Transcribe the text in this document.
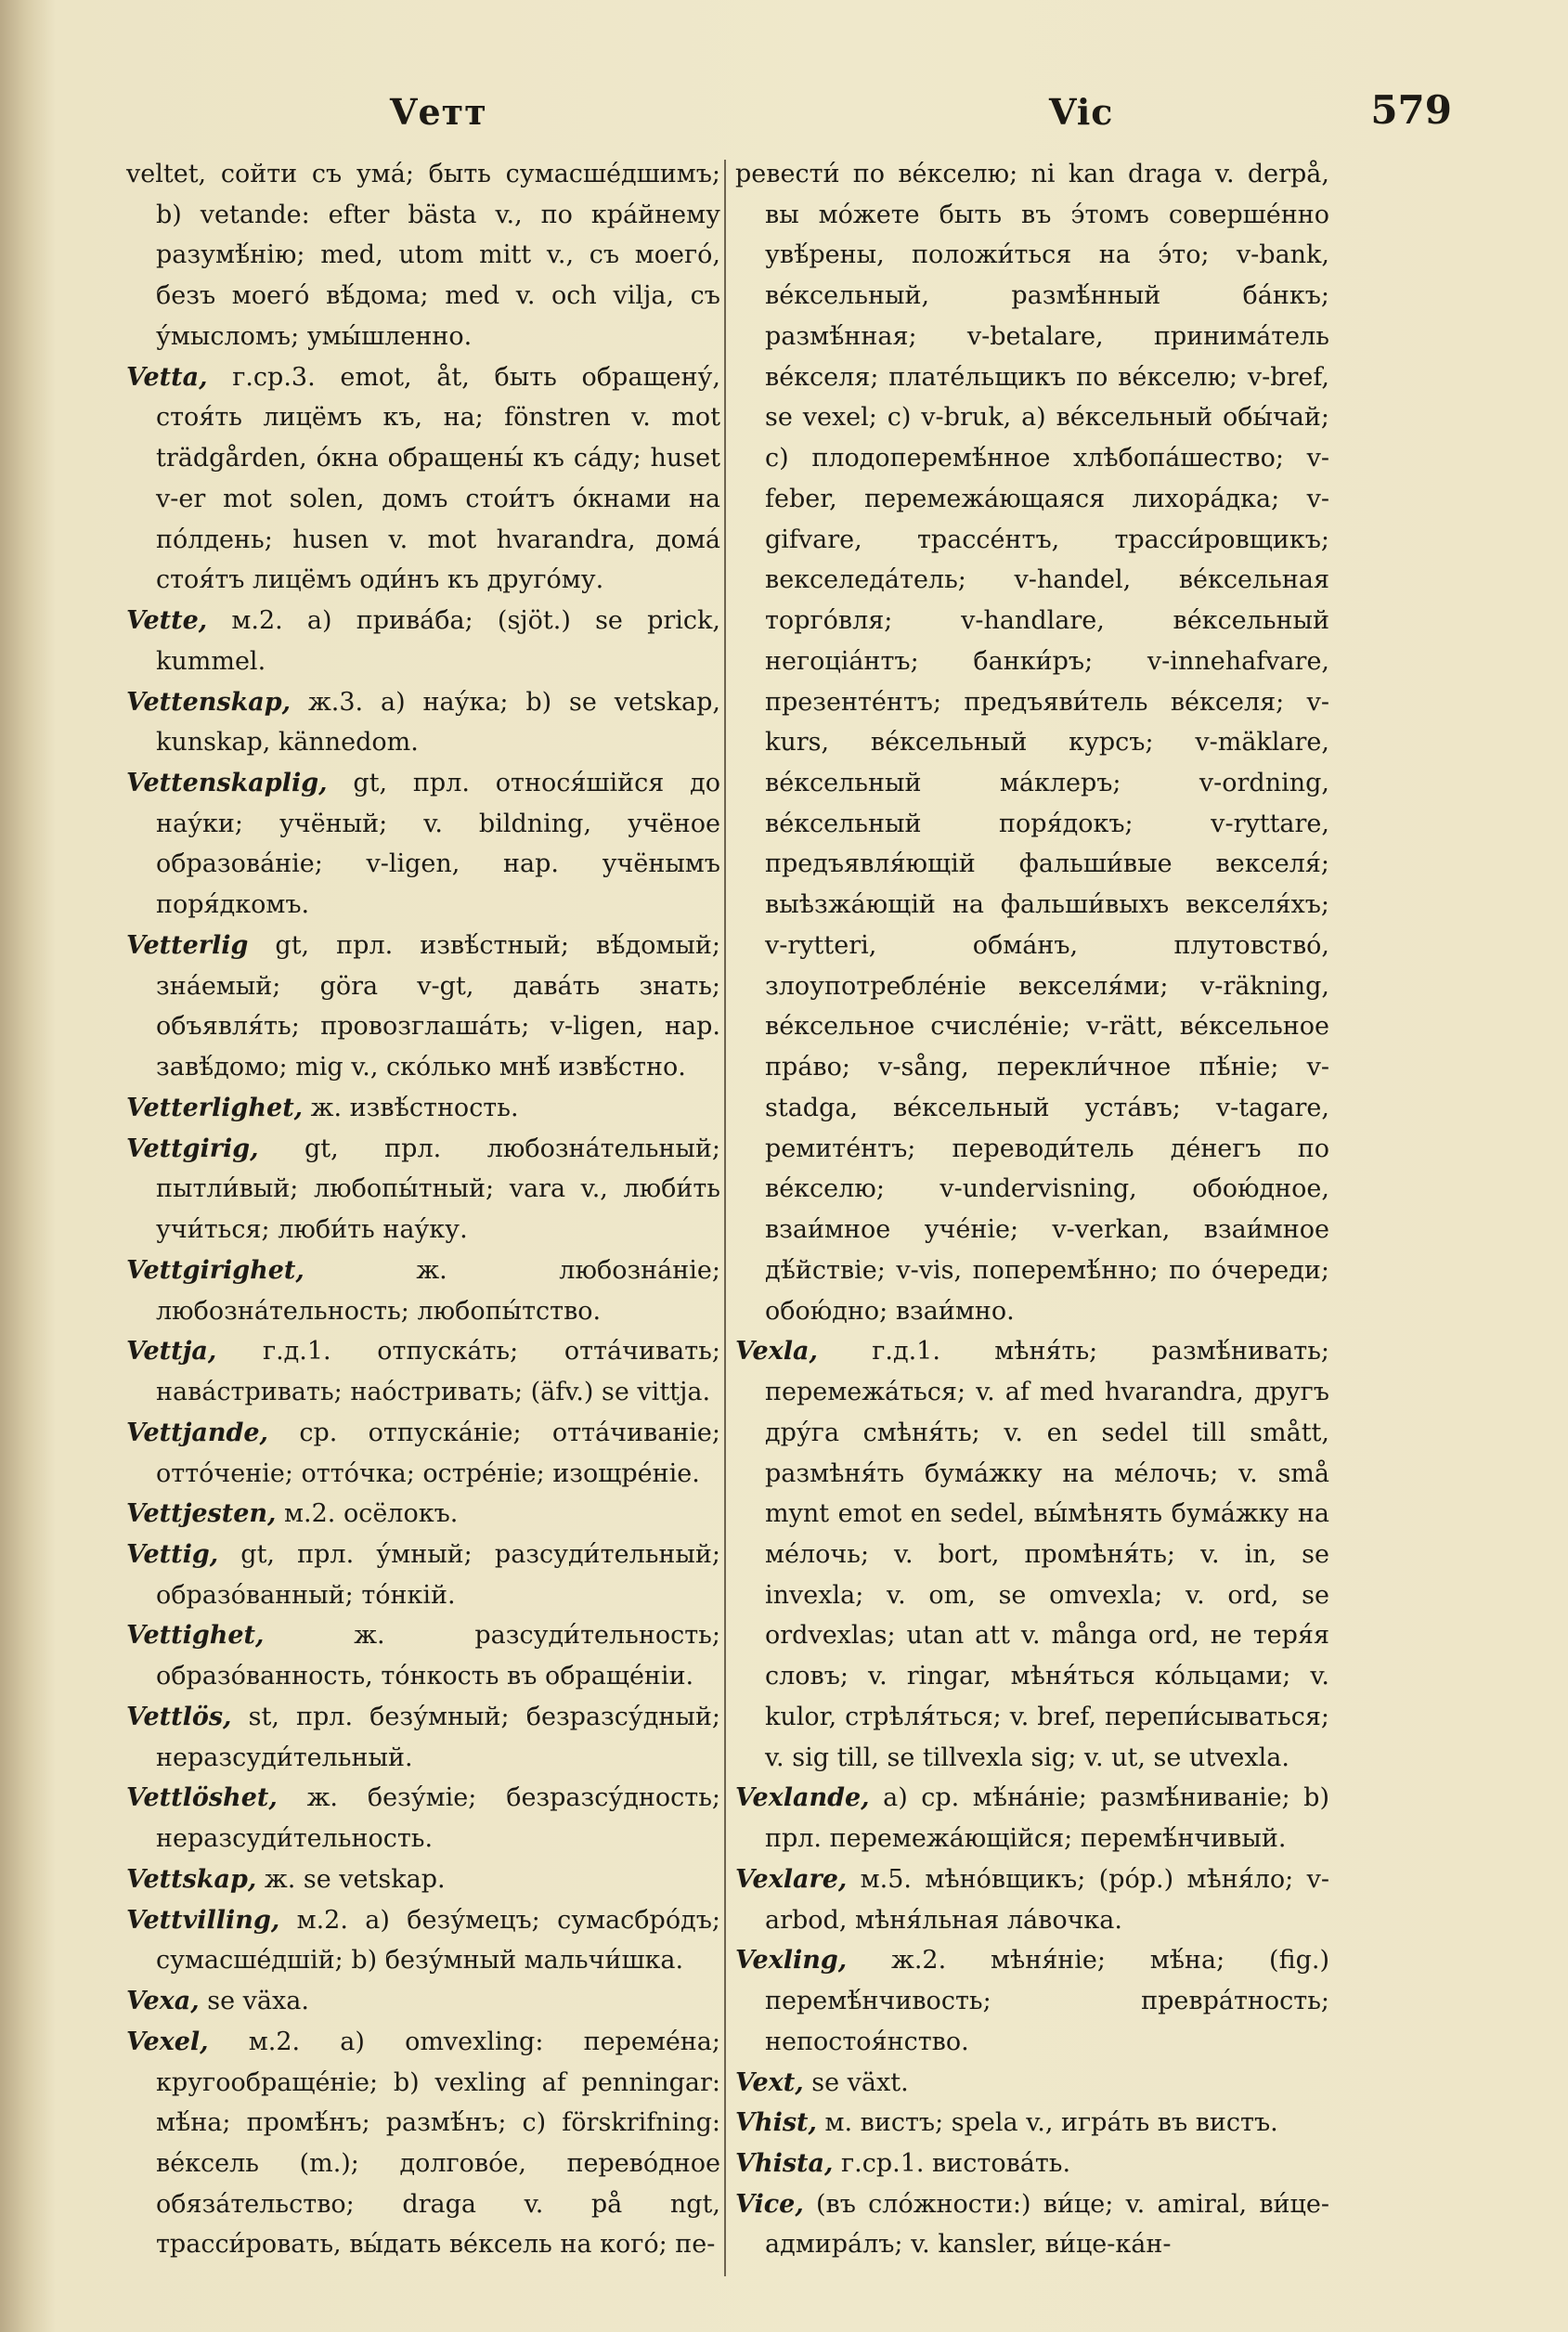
Vетт	Vic	579

veltet, сойти съ ума́; быть сумасше́дшимъ; b) vetande: efter bästa v., по кра́йнему разумѣ́нію; med, utom mitt v., съ моего́, безъ моего́ вѣ́дома; med v. och vilja, съ у́мысломъ; умы́шленно.

Vetta, г.ср.3. emot, åt, быть обращену́, стоя́ть лицёмъ къ, на; fönstren v. mot trädgården, о́кна обращены́ къ са́ду; huset v-er mot solen, домъ стои́тъ о́кнами на по́лдень; husen v. mot hvarandra, дома́ стоя́тъ лицёмъ оди́нъ къ друго́му.

Vette, м.2. a) прива́ба; (sjöt.) se prick, kummel.

Vettenskap, ж.3. a) нау́ка; b) se vetskap, kunskap, kännedom.

Vettenskaplig, gt, прл. относя́шійся до нау́ки; учёный; v. bildning, учёное образова́ніе; v-ligen, нар. учёнымъ поря́дкомъ.

Vetterlig gt, прл. извѣ́стный; вѣ́домый; зна́емый; göra v-gt, дава́ть знать; объявля́ть; провозглаша́ть; v-ligen, нар. завѣ́домо; mig v., ско́лько мнѣ́ извѣ́стно.

Vetterlighet, ж. извѣ́стность.

Vettgirig, gt, прл. любозна́тельный; пытли́вый; любопы́тный; vara v., люби́ть учи́ться; люби́ть нау́ку.

Vettgirighet,	ж. любозна́ніе; любозна́тельность; любопы́тство.

Vettja, г.д.1. отпуска́ть; отта́чивать; нава́стривать; нао́стривать; (äfv.) se vittja.

Vettjande, ср. отпуска́ніе; отта́чиваніе; отто́ченіе; отто́чка; остре́ніе; изощре́ніе.

Vettjesten, м.2. осёлокъ.

Vettig, gt, прл. у́мный; разсуди́тельный; образо́ванный; то́нкій.

Vettighet,	ж. разсуди́тельность; образо́ванность, то́нкость въ обраще́ніи.

Vettlös, st, прл. безу́мный; безразсу́дный; неразсуди́тельный.

Vettlöshet, ж. безу́міе; безразсу́дность; неразсуди́тельность.

Vettskap, ж. se vetskap.

Vettvilling, м.2. a) безу́мецъ; сумасбро́дъ; сумасше́дшій; b) безу́мный мальчи́шка.

Vexa, se växa.

Vexel, м.2. a) omvexling: переме́на; кругообраще́ніе; b) vexling af penningar: мѣ́на; промѣ́нъ; размѣ́нъ; c) förskrifning: ве́ксель (m.); долгово́е, перево́дное обяза́тельство; draga v. på ngt, трасси́ровать, вы́дать ве́ксель на кого́; пе-

ревести́ по ве́кселю; ni kan draga v. derpå, вы мо́жете быть въ э́томъ соверше́нно увѣ́рены, положи́ться на э́то; v-bank, ве́ксельный, размѣ́нный ба́нкъ; размѣ́нная; v-betalare, принима́тель ве́кселя; плате́льщикъ по ве́кселю; v-bref, se vexel; c) v-bruk, a) ве́ксельный обы́чай; c) плодоперемѣ́нное хлѣбопа́шество; v-feber, перемежа́ющаяся лихора́дка; v-gifvare, трассе́нтъ, трасси́ровщикъ; векселеда́тель; v-handel, ве́ксельная торго́вля; v-handlare, ве́ксельный негоціа́нтъ; банки́ръ; v-innehafvare, презенте́нтъ; предъяви́тель ве́кселя; v-kurs, ве́ксельный курсъ; v-mäklare, ве́ксельный ма́клеръ; v-ordning, ве́ксельный поря́докъ; v-ryttare, предъявля́ющій фальши́вые векселя́; выѣзжа́ющій на фальши́выхъ векселя́хъ; v-rytteri, обма́нъ, плутовство́, злоупотребле́ніе векселя́ми; v-räkning, ве́ксельное счисле́ніе; v-rätt, ве́ксельное пра́во; v-sång, перекли́чное пѣ́ніе; v-stadga, ве́ксельный уста́въ; v-tagare, ремите́нтъ; переводи́тель де́негъ по ве́кселю; v-undervisning, обою́дное, взаи́мное уче́ніе; v-verkan, взаи́мное дѣ́йствіе; v-vis, поперемѣ́нно; по о́череди; обою́дно; взаи́мно.

Vexla, г.д.1. мѣня́ть; размѣ́нивать; перемежа́ться; v. af med hvarandra, другъ дру́га смѣня́ть; v. en sedel till smått, размѣня́ть бума́жку на ме́лочь; v. små mynt emot en sedel, вы́мѣнять бума́жку на ме́лочь; v. bort, промѣня́ть; v. in, se invexla; v. om, se omvexla; v. ord, se ordvexlas; utan att v. många ord, не теря́я словъ; v. ringar, мѣня́ться ко́льцами; v. kulor, стрѣля́ться; v. bref, перепи́сываться; v. sig till, se tillvexla sig; v. ut, se utvexla.

Vexlande, a) ср. мѣ́на́ніе; размѣ́ниваніе; b) прл. перемежа́ющійся; перемѣ́нчивый.

Vexlare, м.5. мѣно́вщикъ; (ро́р.) мѣня́ло; v-arbod, мѣня́льная ла́вочка.

Vexling, ж.2. мѣня́ніе; мѣ́на; (fig.) перемѣ́нчивость; превра́тность; непостоя́нство.

Vext, se växt.

Vhist, м. вистъ; spela v., игра́ть въ вистъ.

Vhista, г.ср.1. вистова́ть.

Vice, (въ сло́жности:) ви́це; v. amiral, ви́це-адмира́лъ; v. kansler, ви́це-ка́н-
